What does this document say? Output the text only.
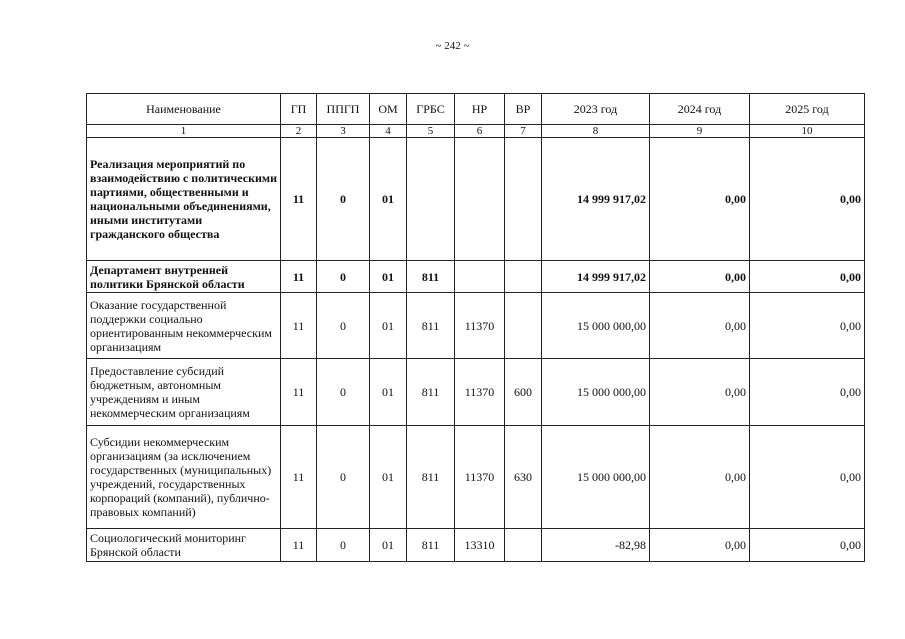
~ 242 ~
Наименование	ГП	ППГП	ОМ	ГРБС	НР	ВР	2023 год	2024 год	2025 год
1	2	3	4	5	6	7	8	9	10
Реализация мероприятий по взаимодействию с политическими партиями, общественными и национальными объединениями, иными институтами гражданского общества	11	0	01				14 999 917,02	0,00	0,00
Департамент внутренней политики Брянской области	11	0	01	811			14 999 917,02	0,00	0,00
Оказание государственной поддержки социально ориентированным некоммерческим организациям	11	0	01	811	11370		15 000 000,00	0,00	0,00
Предоставление субсидий бюджетным, автономным учреждениям и иным некоммерческим организациям	11	0	01	811	11370	600	15 000 000,00	0,00	0,00
Субсидии некоммерческим организациям (за исключением государственных (муниципальных) учреждений, государственных корпораций (компаний), публично-правовых компаний)	11	0	01	811	11370	630	15 000 000,00	0,00	0,00
Социологический мониторинг Брянской области	11	0	01	811	13310		-82,98	0,00	0,00
